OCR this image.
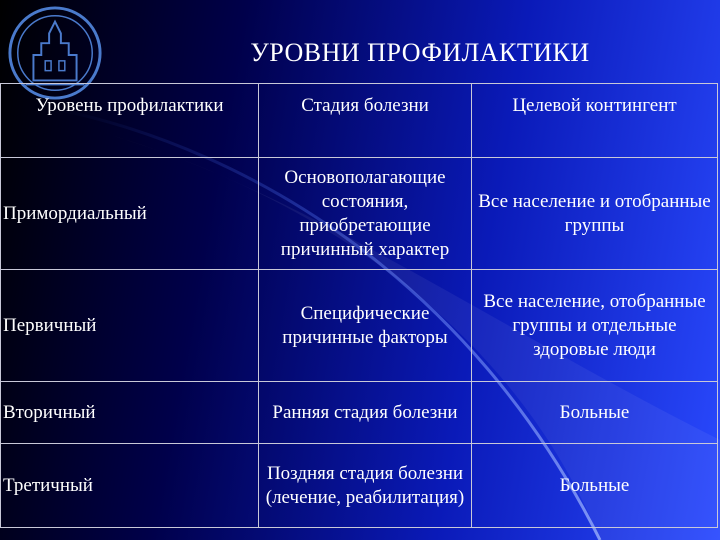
УРОВНИ ПРОФИЛАКТИКИ
Уровень профилактики	Стадия болезни	Целевой контингент
Примордиальный	Основополагающие состояния, приобретающие причинный характер	Все население и отобранные группы
Первичный	Специфические причинные факторы	Все население, отобранные группы и отдельные здоровые люди
Вторичный	Ранняя стадия болезни	Больные
Третичный	Поздняя стадия болезни (лечение, реабилитация)	Больные
